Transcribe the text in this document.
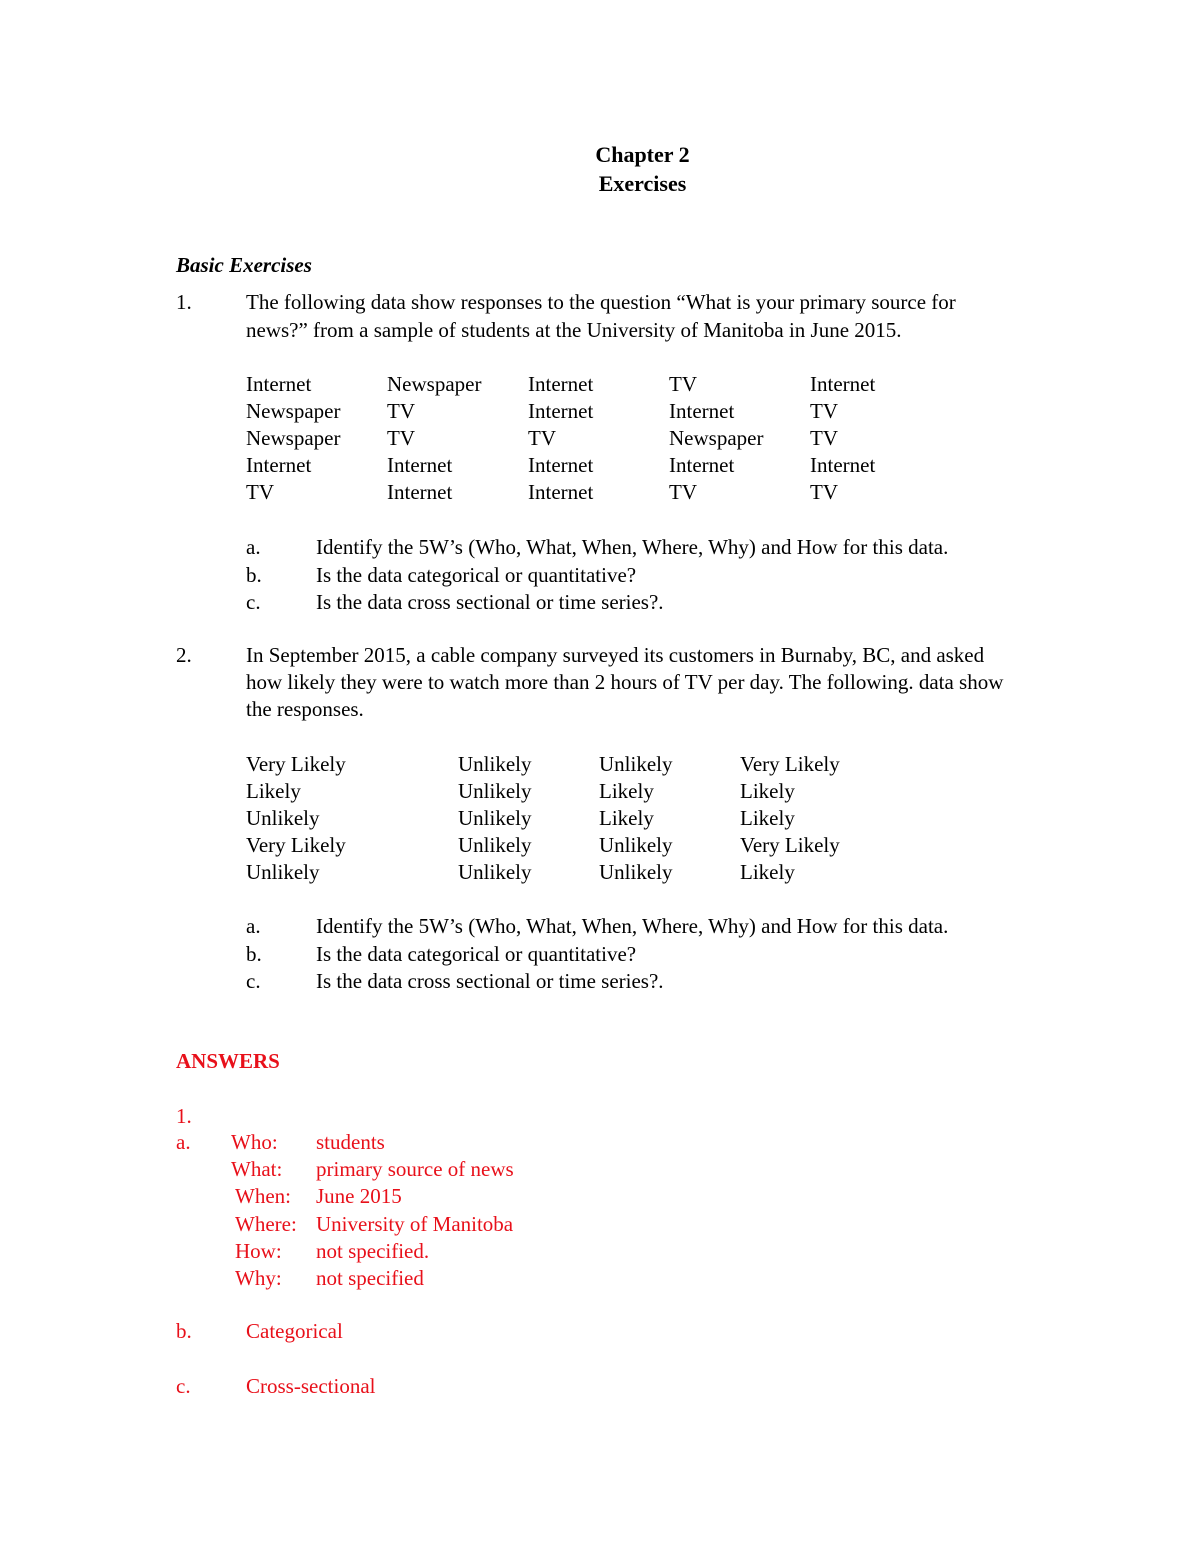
Chapter 2
Exercises
Basic Exercises
1.	The following data show responses to the question “What is your primary source for
news?” from a sample of students at the University of Manitoba in June 2015.
Internet	Newspaper	Internet	TV	Internet
Newspaper	TV	Internet	Internet	TV
Newspaper	TV	TV	Newspaper	TV
Internet	Internet	Internet	Internet	Internet
TV	Internet	Internet	TV	TV
a.	Identify the 5W’s (Who, What, When, Where, Why) and How for this data.
b.	Is the data categorical or quantitative?
c.	Is the data cross sectional or time series?.
2.	In September 2015, a cable company surveyed its customers in Burnaby, BC, and asked
how likely they were to watch more than 2 hours of TV per day. The following. data show
the responses.
Very Likely	Unlikely	Unlikely	Very Likely
Likely	Unlikely	Likely	Likely
Unlikely	Unlikely	Likely	Likely
Very Likely	Unlikely	Unlikely	Very Likely
Unlikely	Unlikely	Unlikely	Likely
a.	Identify the 5W’s (Who, What, When, Where, Why) and How for this data.
b.	Is the data categorical or quantitative?
c.	Is the data cross sectional or time series?.
ANSWERS
1.
a. Who: students
What: primary source of news
When: June 2015
Where: University of Manitoba
How: not specified.
Why: not specified
b.	Categorical
c.	Cross-sectional
